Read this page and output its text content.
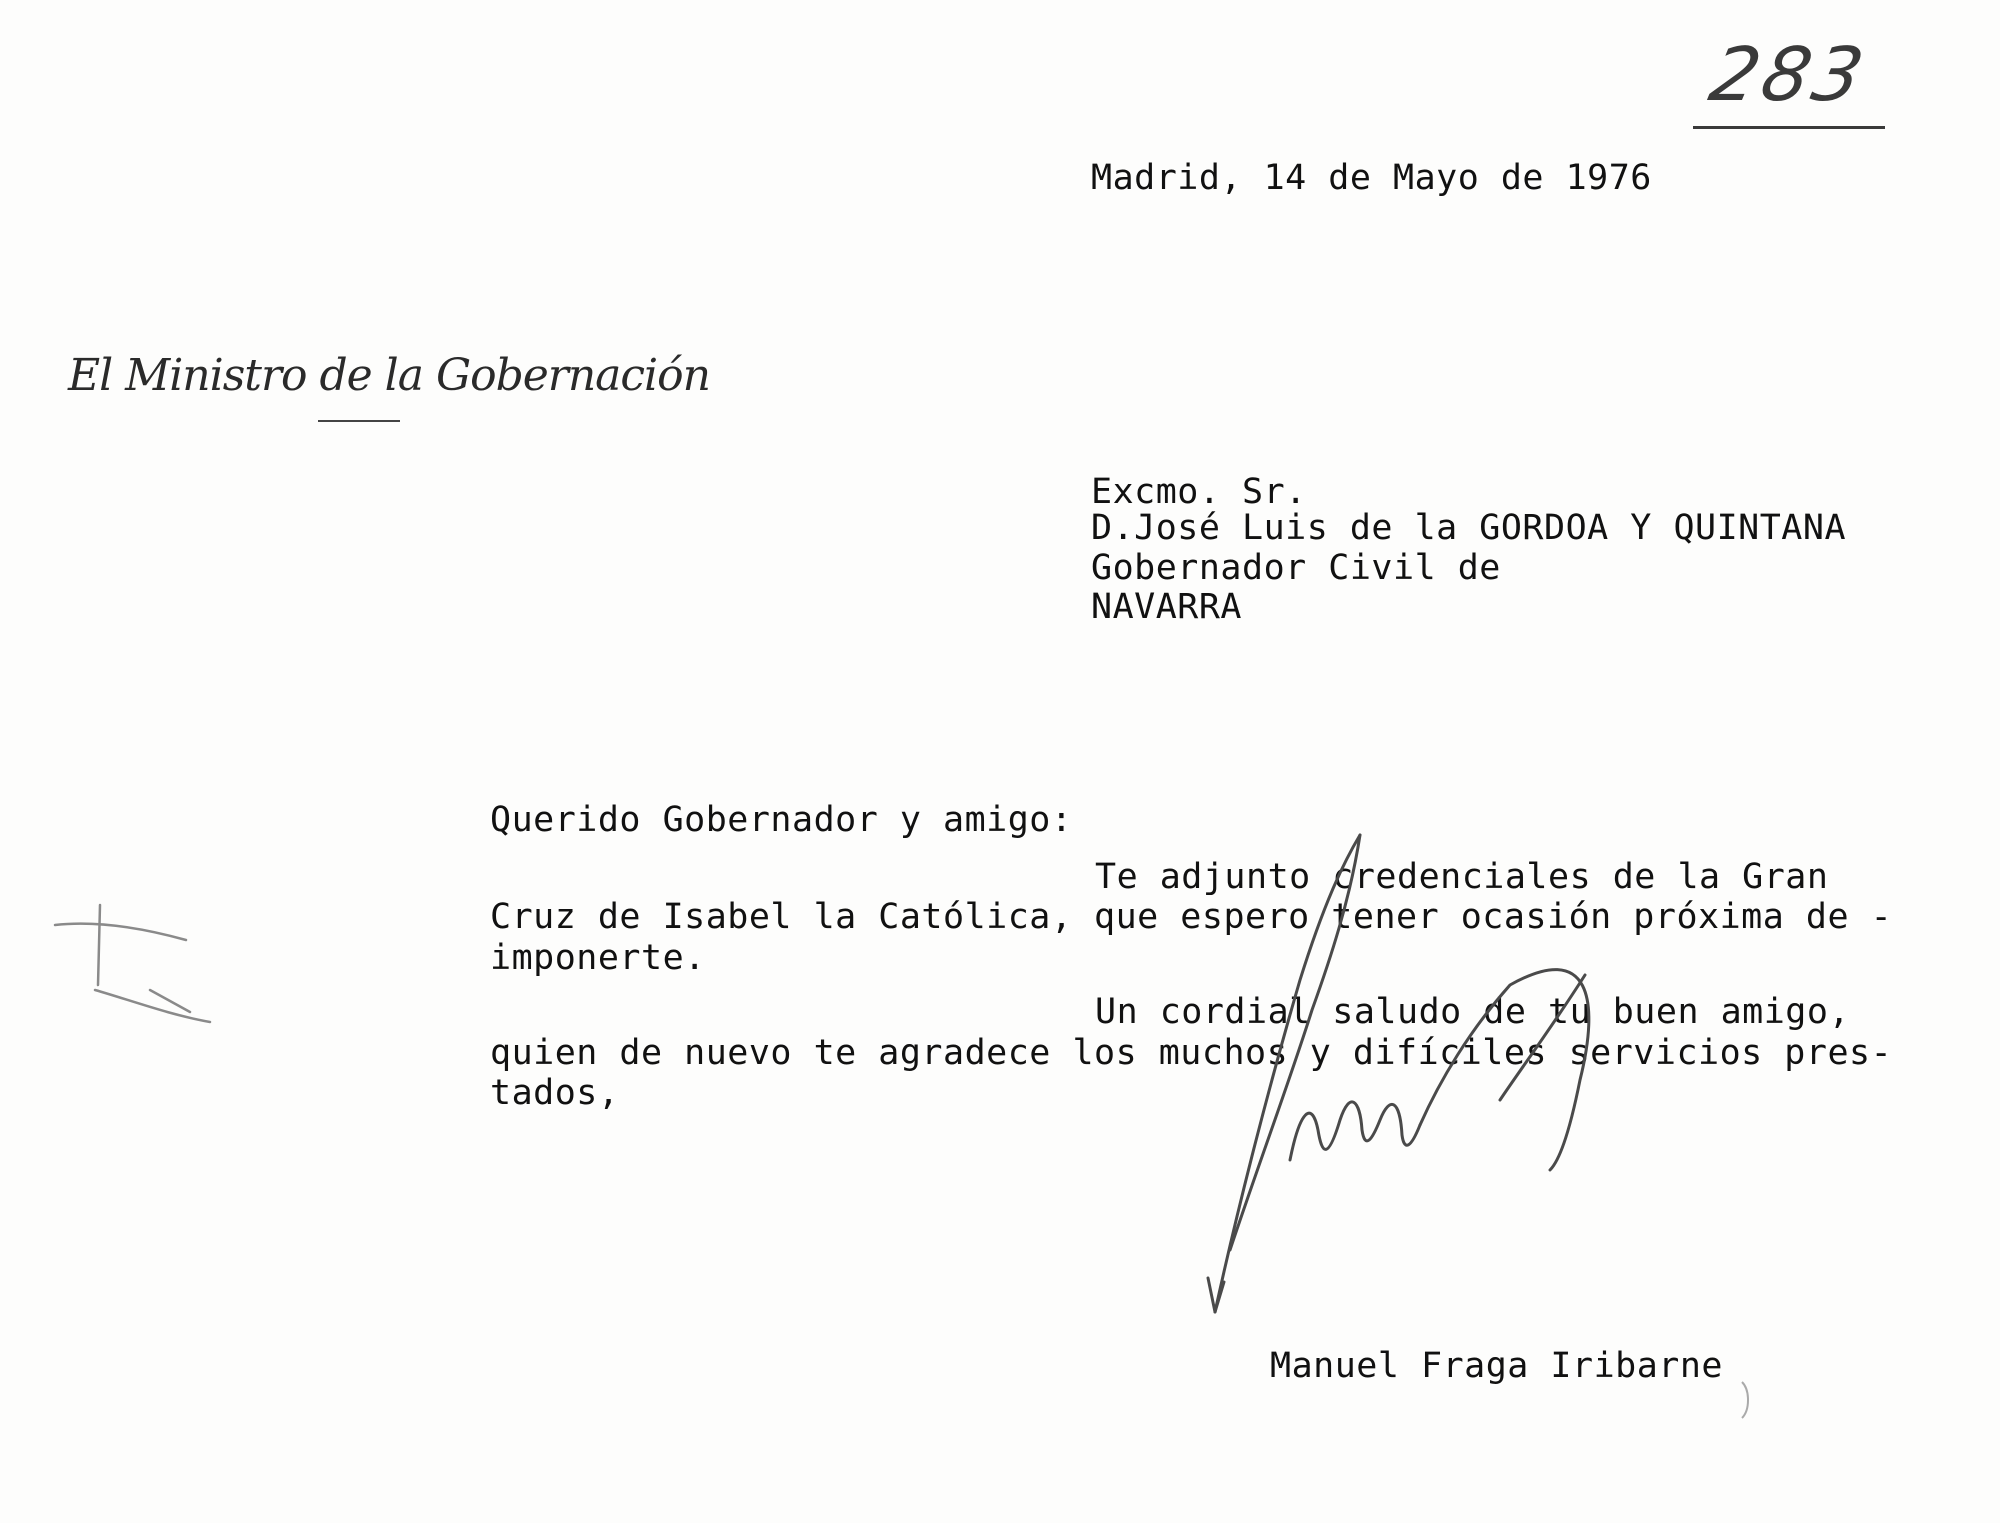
283
Madrid, 14 de Mayo de 1976
El Ministro de la Gobernación
Excmo. Sr.
D.José Luis de la GORDOA Y QUINTANA
Gobernador Civil de
NAVARRA
Querido Gobernador y amigo:
Te adjunto credenciales de la Gran
Cruz de Isabel la Católica, que espero tener ocasión próxima de -
imponerte.
Un cordial saludo de tu buen amigo,
quien de nuevo te agradece los muchos y difíciles servicios pres-
tados,
Manuel Fraga Iribarne
